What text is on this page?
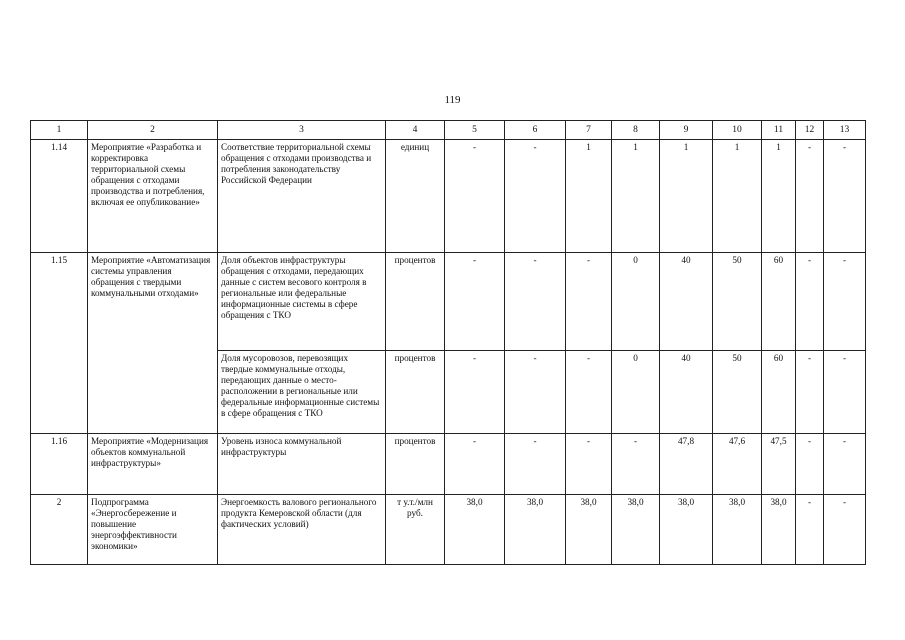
119
1	2	3	4	5	6	7	8	9	10	11	12	13
1.14	Мероприятие «Разработка и корректировка территориальной схемы обращения с отходами производства и потребления, включая ее опубликование»	Соответствие территориальной схемы обращения с отходами производства и потребления законодательству Российской Федерации	единиц	-	-	1	1	1	1	1	-	-
1.15	Мероприятие «Автоматизация системы управления обращения с твердыми коммунальными отходами»	Доля объектов инфраструктуры обращения с отходами, передающих данные с систем весового контроля в региональные или федеральные информационные системы в сфере обращения с ТКО	процентов	-	-	-	0	40	50	60	-	-
		Доля мусоровозов, перевозящих твердые коммунальные отходы, передающих данные о место-расположении в региональные или федеральные информационные системы в сфере обращения с ТКО	процентов	-	-	-	0	40	50	60	-	-
1.16	Мероприятие «Модернизация объектов коммунальной инфраструктуры»	Уровень износа коммунальной инфраструктуры	процентов	-	-	-	-	47,8	47,6	47,5	-	-
2	Подпрограмма «Энергосбережение и повышение энергоэффективности экономики»	Энергоемкость валового регионального продукта Кемеровской области (для фактических условий)	т у.т./млн руб.	38,0	38,0	38,0	38,0	38,0	38,0	38,0	-	-
